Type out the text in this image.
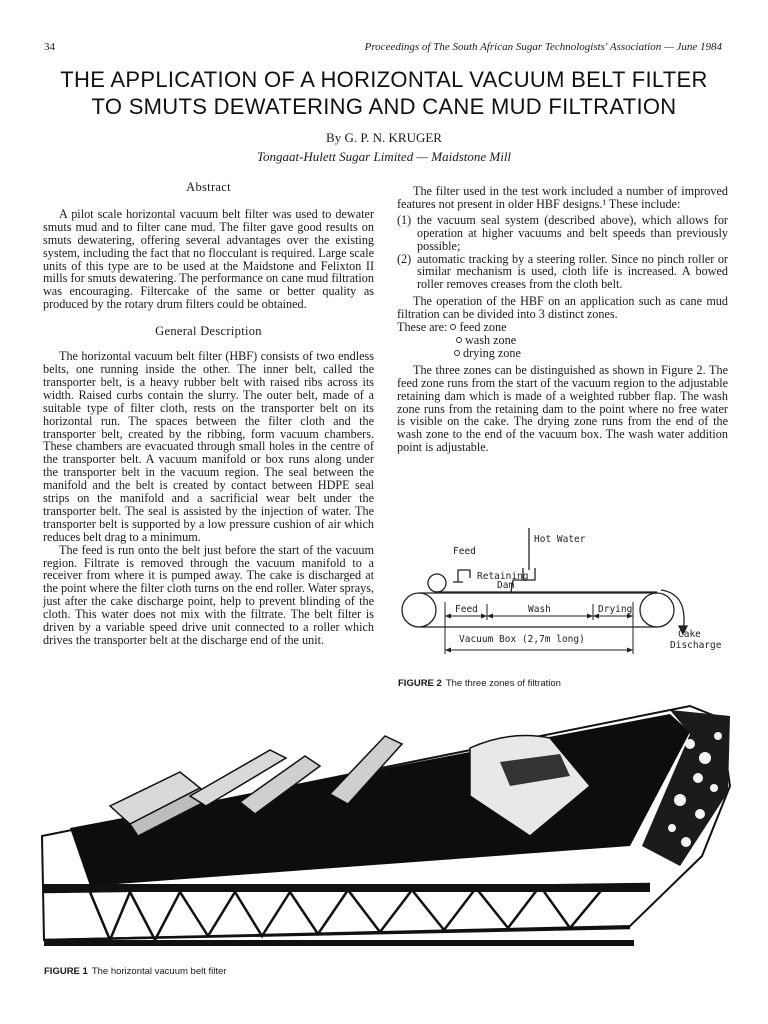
34	Proceedings of The South African Sugar Technologists' Association — June 1984
THE APPLICATION OF A HORIZONTAL VACUUM BELT FILTER
TO SMUTS DEWATERING AND CANE MUD FILTRATION
By G. P. N. KRUGER
Tongaat-Hulett Sugar Limited — Maidstone Mill
Abstract

A pilot scale horizontal vacuum belt filter was used to dewater smuts mud and to filter cane mud. The filter gave good results on smuts dewatering, offering several advantages over the existing system, including the fact that no flocculant is required. Large scale units of this type are to be used at the Maidstone and Felixton II mills for smuts dewatering. The performance on cane mud filtration was encouraging. Filtercake of the same or better quality as produced by the rotary drum filters could be obtained.

General Description

The horizontal vacuum belt filter (HBF) consists of two endless belts, one running inside the other. The inner belt, called the transporter belt, is a heavy rubber belt with raised ribs across its width. Raised curbs contain the slurry. The outer belt, made of a suitable type of filter cloth, rests on the transporter belt on its horizontal run. The spaces between the filter cloth and the transporter belt, created by the ribbing, form vacuum chambers. These chambers are evacuated through small holes in the centre of the transporter belt. A vacuum manifold or box runs along under the transporter belt in the vacuum region. The seal between the manifold and the belt is created by contact between HDPE seal strips on the manifold and a sacrificial wear belt under the transporter belt. The seal is assisted by the injection of water. The transporter belt is supported by a low pressure cushion of air which reduces belt drag to a minimum.

The feed is run onto the belt just before the start of the vacuum region. Filtrate is removed through the vacuum manifold to a receiver from where it is pumped away. The cake is discharged at the point where the filter cloth turns on the end roller. Water sprays, just after the cake discharge point, help to prevent blinding of the cloth. This water does not mix with the filtrate. The belt filter is driven by a variable speed drive unit connected to a roller which drives the transporter belt at the discharge end of the unit.

The filter used in the test work included a number of improved features not present in older HBF designs.¹ These include:

(1) the vacuum seal system (described above), which allows for operation at higher vacuums and belt speeds than previously possible;
(2) automatic tracking by a steering roller. Since no pinch roller or similar mechanism is used, cloth life is increased. A bowed roller removes creases from the cloth belt.

The operation of the HBF on an application such as cane mud filtration can be divided into 3 distinct zones.

These are: feed zone
wash zone
drying zone

The three zones can be distinguished as shown in Figure 2. The feed zone runs from the start of the vacuum region to the adjustable retaining dam which is made of a weighted rubber flap. The wash zone runs from the retaining dam to the point where no free water is visible on the cake. The drying zone runs from the end of the wash zone to the end of the vacuum box. The wash water addition point is adjustable.

Hot Water
Feed
Retaining
Dam
Feed	Wash	Drying
Vacuum Box (2,7m long)	Cake
Discharge
FIGURE 2 The three zones of filtration
FIGURE 1 The horizontal vacuum belt filter
